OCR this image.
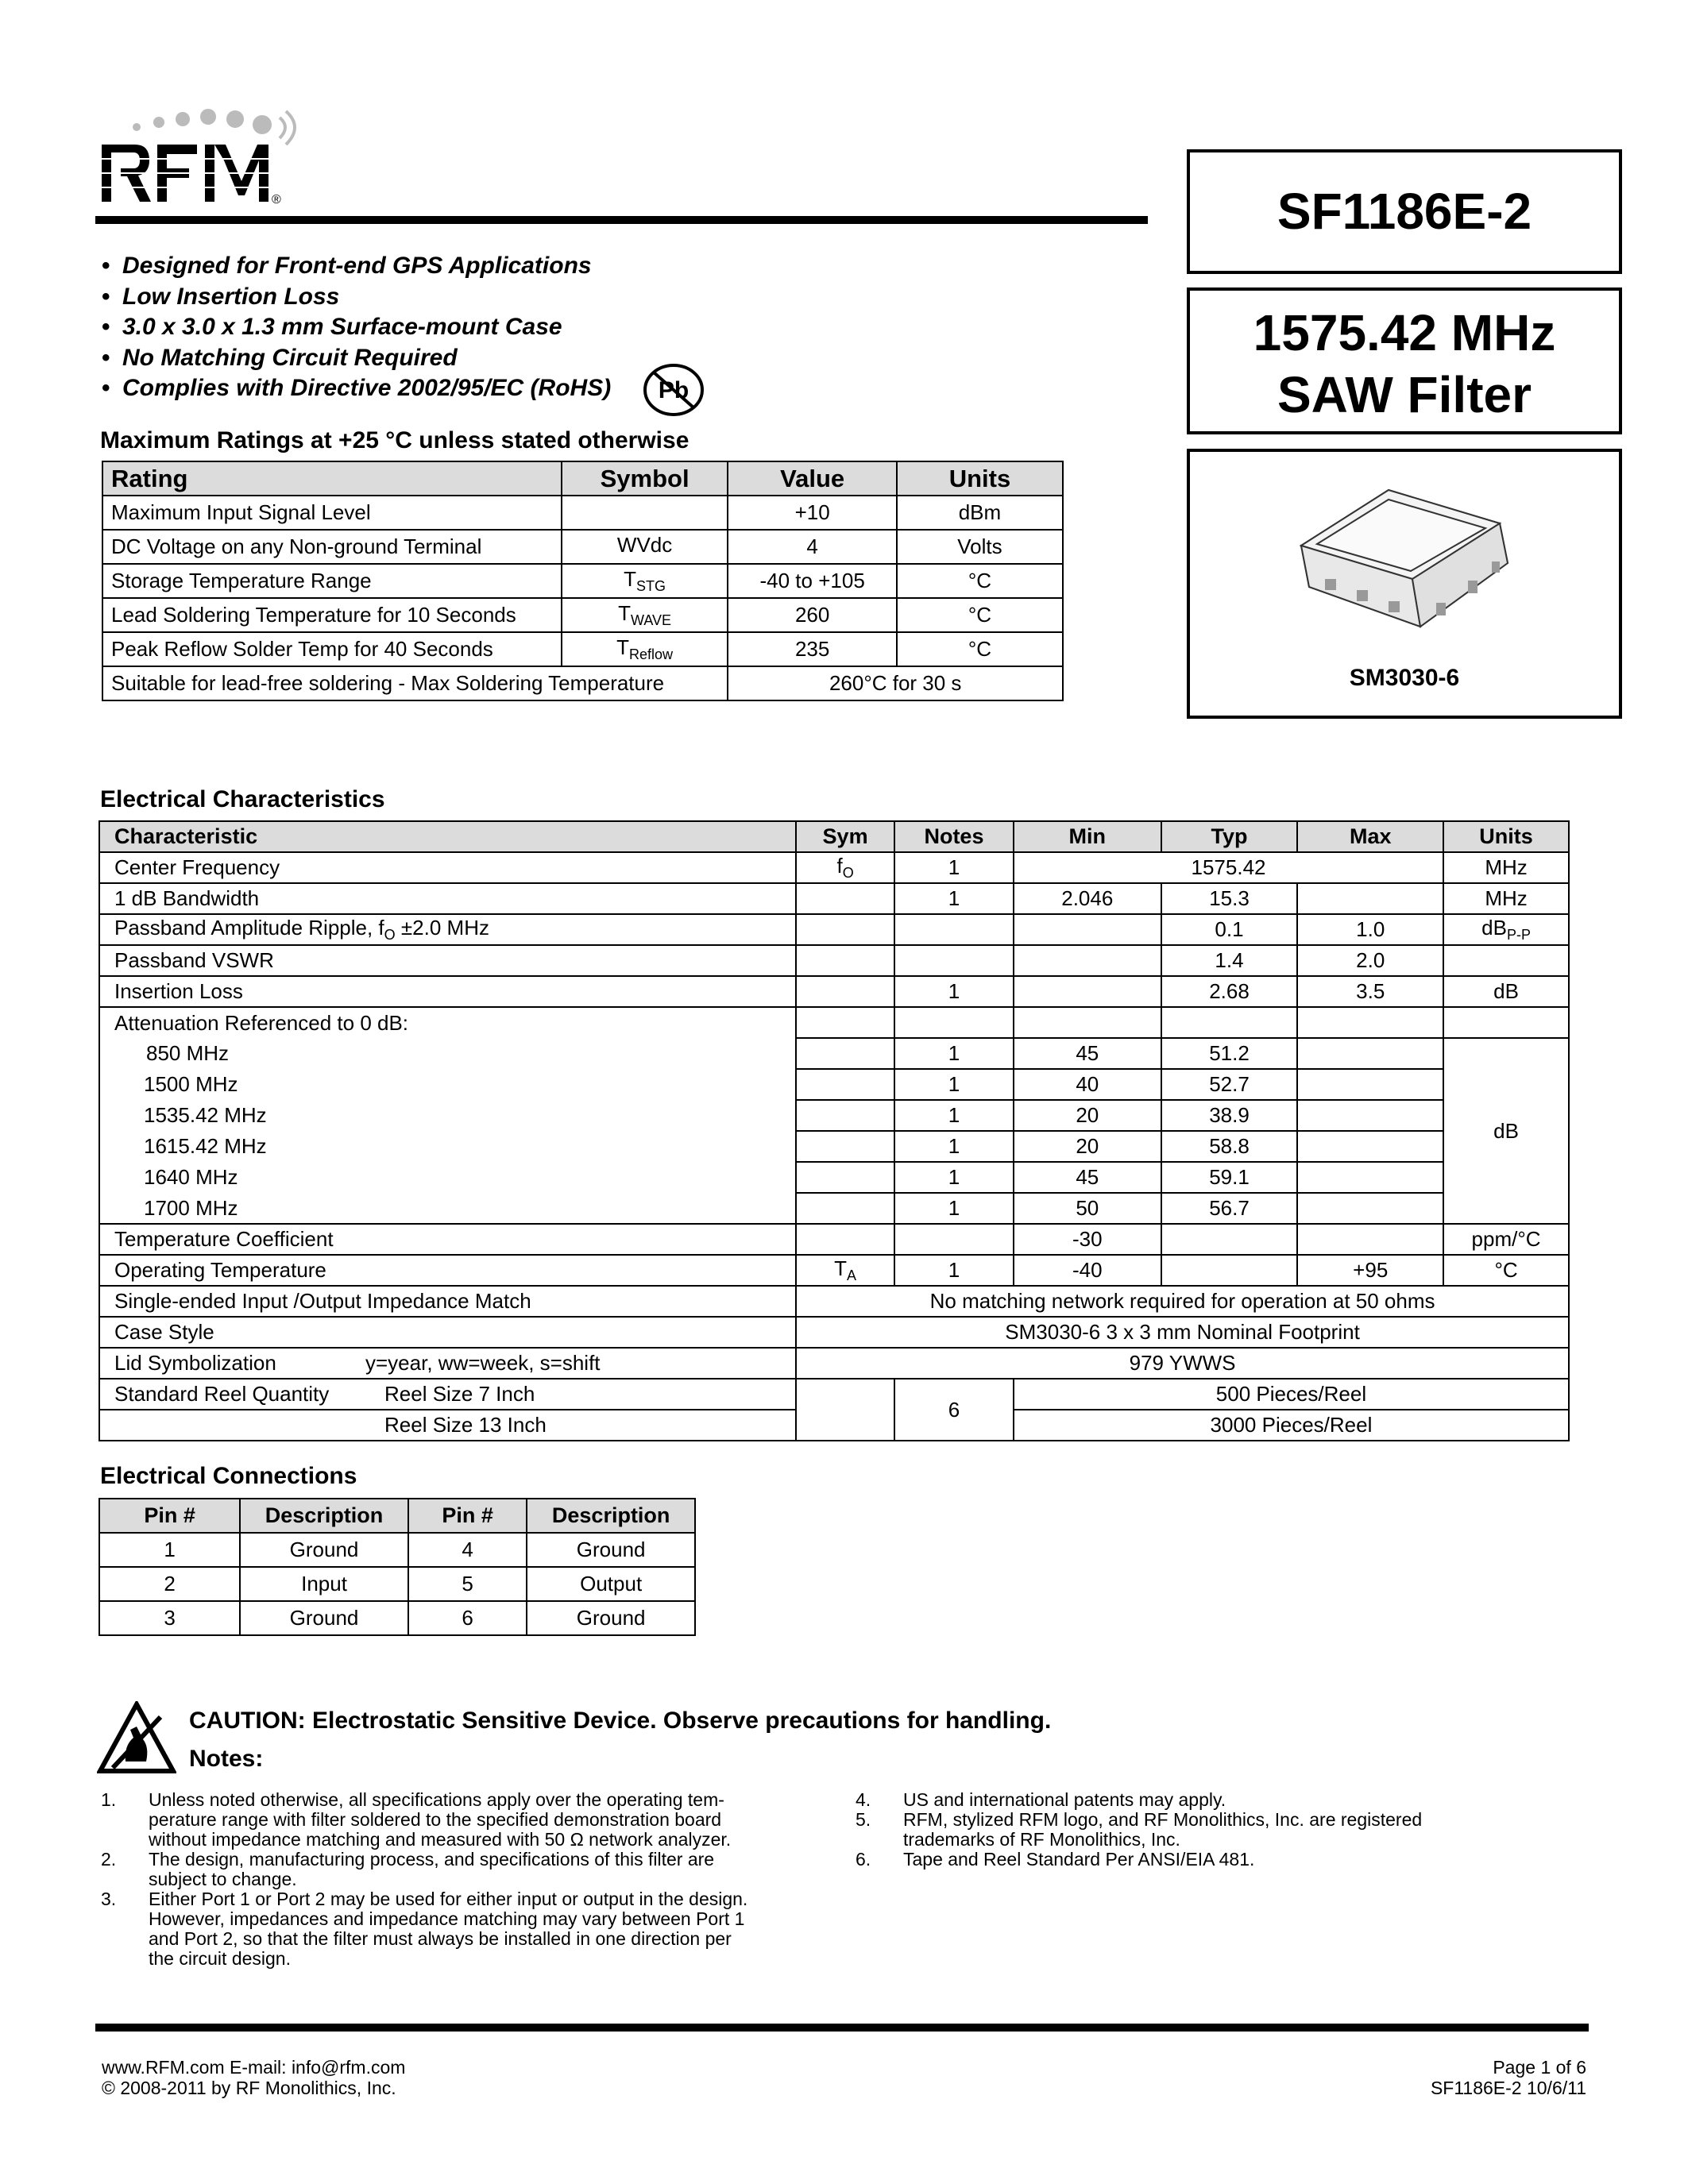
®	SF1186E-2
1575.42 MHz
SAW Filter
SM3030-6
• Designed for Front-end GPS Applications
• Low Insertion Loss
• 3.0 x 3.0 x 1.3 mm Surface-mount Case
• No Matching Circuit Required
• Complies with Directive 2002/95/EC (RoHS) Pb
Maximum Ratings at +25 °C unless stated otherwise
Rating	Symbol	Value	Units
Maximum Input Signal Level		+10	dBm
DC Voltage on any Non-ground Terminal	WVdc	4	Volts
Storage Temperature Range	$T_{STG}$	-40 to +105	°C
Lead Soldering Temperature for 10 Seconds	$T_{WAVE}$	260	°C
Peak Reflow Solder Temp for 40 Seconds	$T_{Reflow}$	235	°C
Suitable for lead-free soldering - Max Soldering Temperature		260°C for 30 s	
Electrical Characteristics
Characteristic	Sym	Notes	Min	Typ	Max	Units
Center Frequency	$f_O$	1	1575.42			MHz
1 dB Bandwidth		1	2.046	15.3		MHz
Passband Amplitude Ripple, $f_O \pm 2.0$ MHz				0.1	1.0	$dB_{P-P}$
Passband VSWR				1.4	2.0	
Insertion Loss		1		2.68	3.5	dB
Attenuation Referenced to 0 dB:						
850 MHz		1	45	51.2		dB
1500 MHz		1	40	52.7		
1535.42 MHz		1	20	38.9		
1615.42 MHz		1	20	58.8		
1640 MHz		1	45	59.1		
1700 MHz		1	50	56.7		
Temperature Coefficient			-30			ppm/°C
Operating Temperature	$T_A$	1	-40		+95	°C
Single-ended Input /Output Impedance Match	No matching network required for operation at 50 ohms					
Case Style	SM3030-6 3 x 3 mm Nominal Footprint					
Lid Symbolization y=year, ww=week, s=shift	979 YWWS					
Standard Reel Quantity Reel Size 7 Inch		6	500 Pieces/Reel			
Reel Size 13 Inch			3000 Pieces/Reel			
Electrical Connections
Pin #	Description	Pin #	Description
1	Ground	4	Ground
2	Input	5	Output
3	Ground	6	Ground
CAUTION: Electrostatic Sensitive Device. Observe precautions for handling.
Notes:
1.	Unless noted otherwise, all specifications apply over the operating tem-
perature range with filter soldered to the specified demonstration board
without impedance matching and measured with 50 Ω network analyzer.
2.	The design, manufacturing process, and specifications of this filter are
subject to change.
3.	Either Port 1 or Port 2 may be used for either input or output in the design.
However, impedances and impedance matching may vary between Port 1
and Port 2, so that the filter must always be installed in one direction per
the circuit design.
4.	US and international patents may apply.
5.	RFM, stylized RFM logo, and RF Monolithics, Inc. are registered
trademarks of RF Monolithics, Inc.
6.	Tape and Reel Standard Per ANSI/EIA 481.
www.RFM.com E-mail: info@rfm.com
© 2008-2011 by RF Monolithics, Inc.
Page 1 of 6
SF1186E-2 10/6/11
